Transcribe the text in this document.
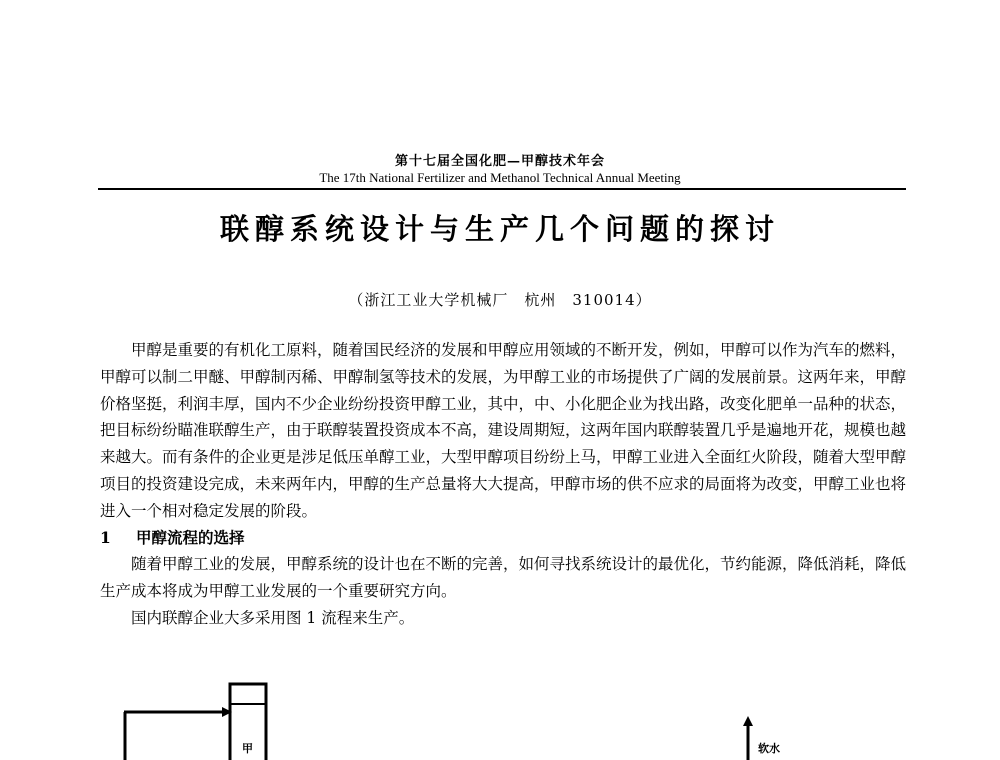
第十七届全国化肥—甲醇技术年会
The 17th National Fertilizer and Methanol Technical Annual Meeting
联醇系统设计与生产几个问题的探讨
（浙江工业大学机械厂　杭州　310014）

甲醇是重要的有机化工原料，随着国民经济的发展和甲醇应用领域的不断开发，例如，甲醇可以作为汽车的燃料，甲醇可以制二甲醚、甲醇制丙稀、甲醇制氢等技术的发展，为甲醇工业的市场提供了广阔的发展前景。这两年来，甲醇价格坚挺，利润丰厚，国内不少企业纷纷投资甲醇工业，其中，中、小化肥企业为找出路，改变化肥单一品种的状态，把目标纷纷瞄准联醇生产，由于联醇装置投资成本不高，建设周期短，这两年国内联醇装置几乎是遍地开花，规模也越来越大。而有条件的企业更是涉足低压单醇工业，大型甲醇项目纷纷上马，甲醇工业进入全面红火阶段，随着大型甲醇项目的投资建设完成，未来两年内，甲醇的生产总量将大大提高，甲醇市场的供不应求的局面将为改变，甲醇工业也将进入一个相对稳定发展的阶段。

1 甲醇流程的选择

随着甲醇工业的发展，甲醇系统的设计也在不断的完善，如何寻找系统设计的最优化，节约能源，降低消耗，降低生产成本将成为甲醇工业发展的一个重要研究方向。

国内联醇企业大多采用图 1 流程来生产。

甲	软水
